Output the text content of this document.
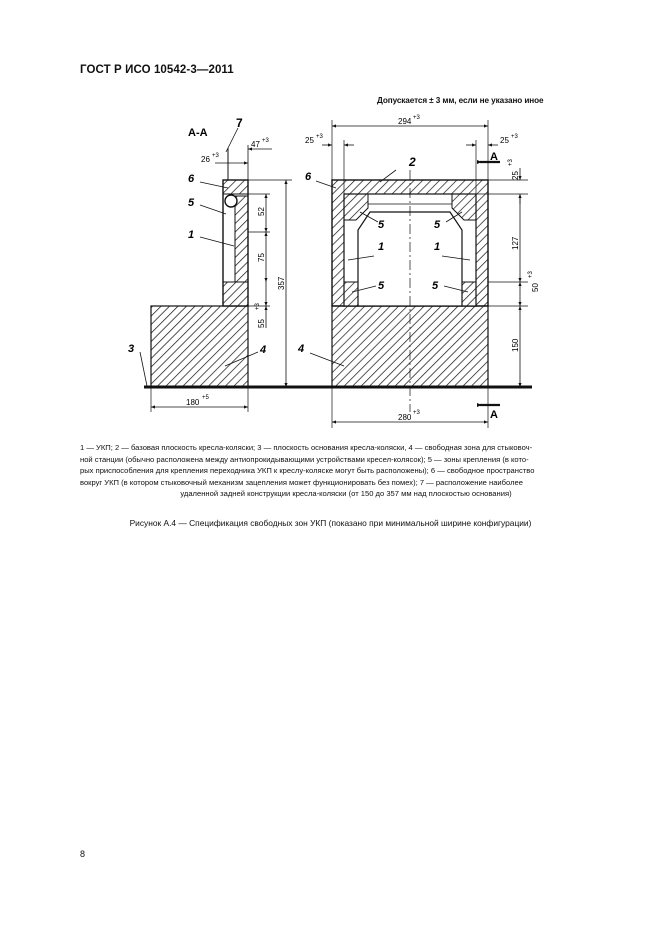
ГОСТ Р ИСО 10542-3—2011
Допускается ± 3 мм, если не указано иное
А-А
7
47 +3
26 +3
6
5
1
52
75
55
+3
357
4
3
180 +5
2
6
5	5
1	1
5	5
4
294 +3
25 +3	25 +3
А
25
+3
127
50
+3
150
280 +3	А
1 — УКП; 2 — базовая плоскость кресла-коляски; 3 — плоскость основания кресла-коляски, 4 — свободная зона для стыковоч-
ной станции (обычно расположена между антиопрокидывающими устройствами кресел-колясок); 5 — зоны крепления (в кото-
рых приспособления для крепления переходника УКП к креслу-коляске могут быть расположены); 6 — свободное пространство
вокруг УКП (в котором стыковочный механизм зацепления может функционировать без помех); 7 — расположение наиболее
удаленной задней конструкции кресла-коляски (от 150 до 357 мм над плоскостью основания)
Рисунок А.4 — Спецификация свободных зон УКП (показано при минимальной ширине конфигурации)
8
